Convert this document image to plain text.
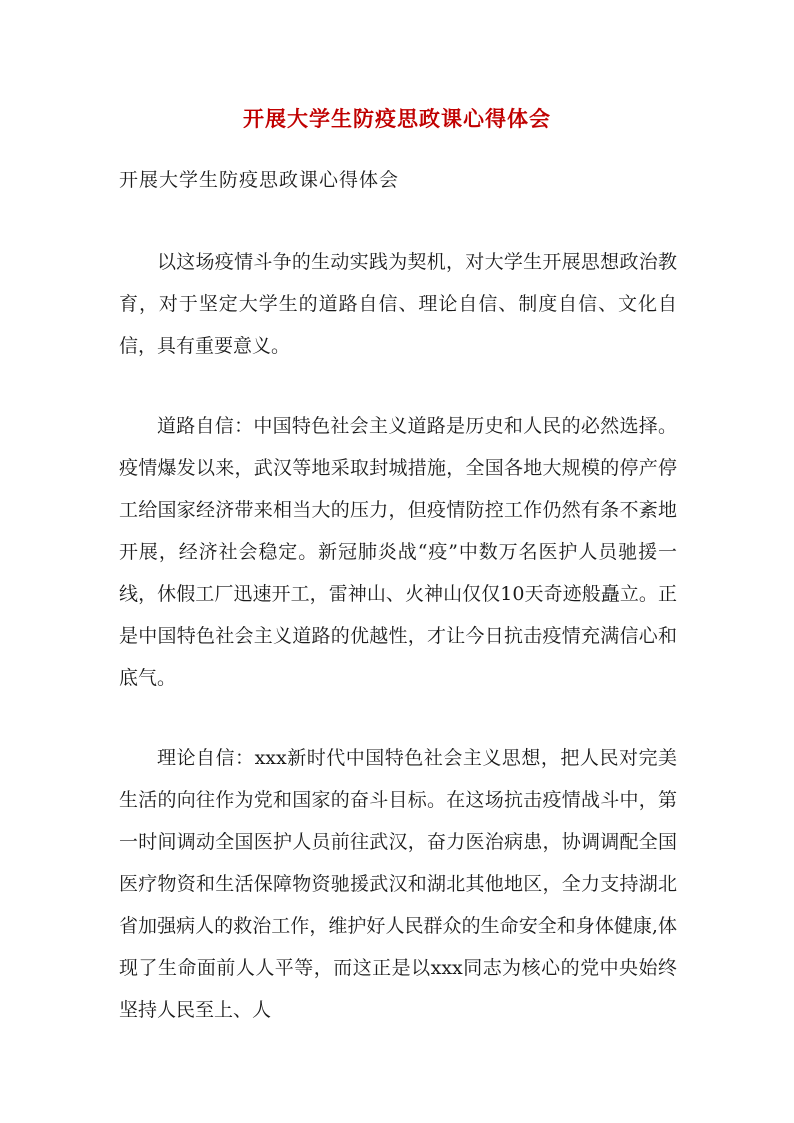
开展大学生防疫思政课心得体会
开展大学生防疫思政课心得体会

以这场疫情斗争的生动实践为契机，对大学生开展思想政治教育，对于坚定大学生的道路自信、理论自信、制度自信、文化自信，具有重要意义。

道路自信：中国特色社会主义道路是历史和人民的必然选择。疫情爆发以来，武汉等地采取封城措施，全国各地大规模的停产停工给国家经济带来相当大的压力，但疫情防控工作仍然有条不紊地开展，经济社会稳定。新冠肺炎战“疫”中数万名医护人员驰援一线，休假工厂迅速开工，雷神山、火神山仅仅10天奇迹般矗立。正是中国特色社会主义道路的优越性，才让今日抗击疫情充满信心和底气。

理论自信：xxx新时代中国特色社会主义思想，把人民对完美生活的向往作为党和国家的奋斗目标。在这场抗击疫情战斗中，第一时间调动全国医护人员前往武汉，奋力医治病患，协调调配全国医疗物资和生活保障物资驰援武汉和湖北其他地区，全力支持湖北省加强病人的救治工作，维护好人民群众的生命安全和身体健康,体现了生命面前人人平等，而这正是以xxx同志为核心的党中央始终坚持人民至上、人
